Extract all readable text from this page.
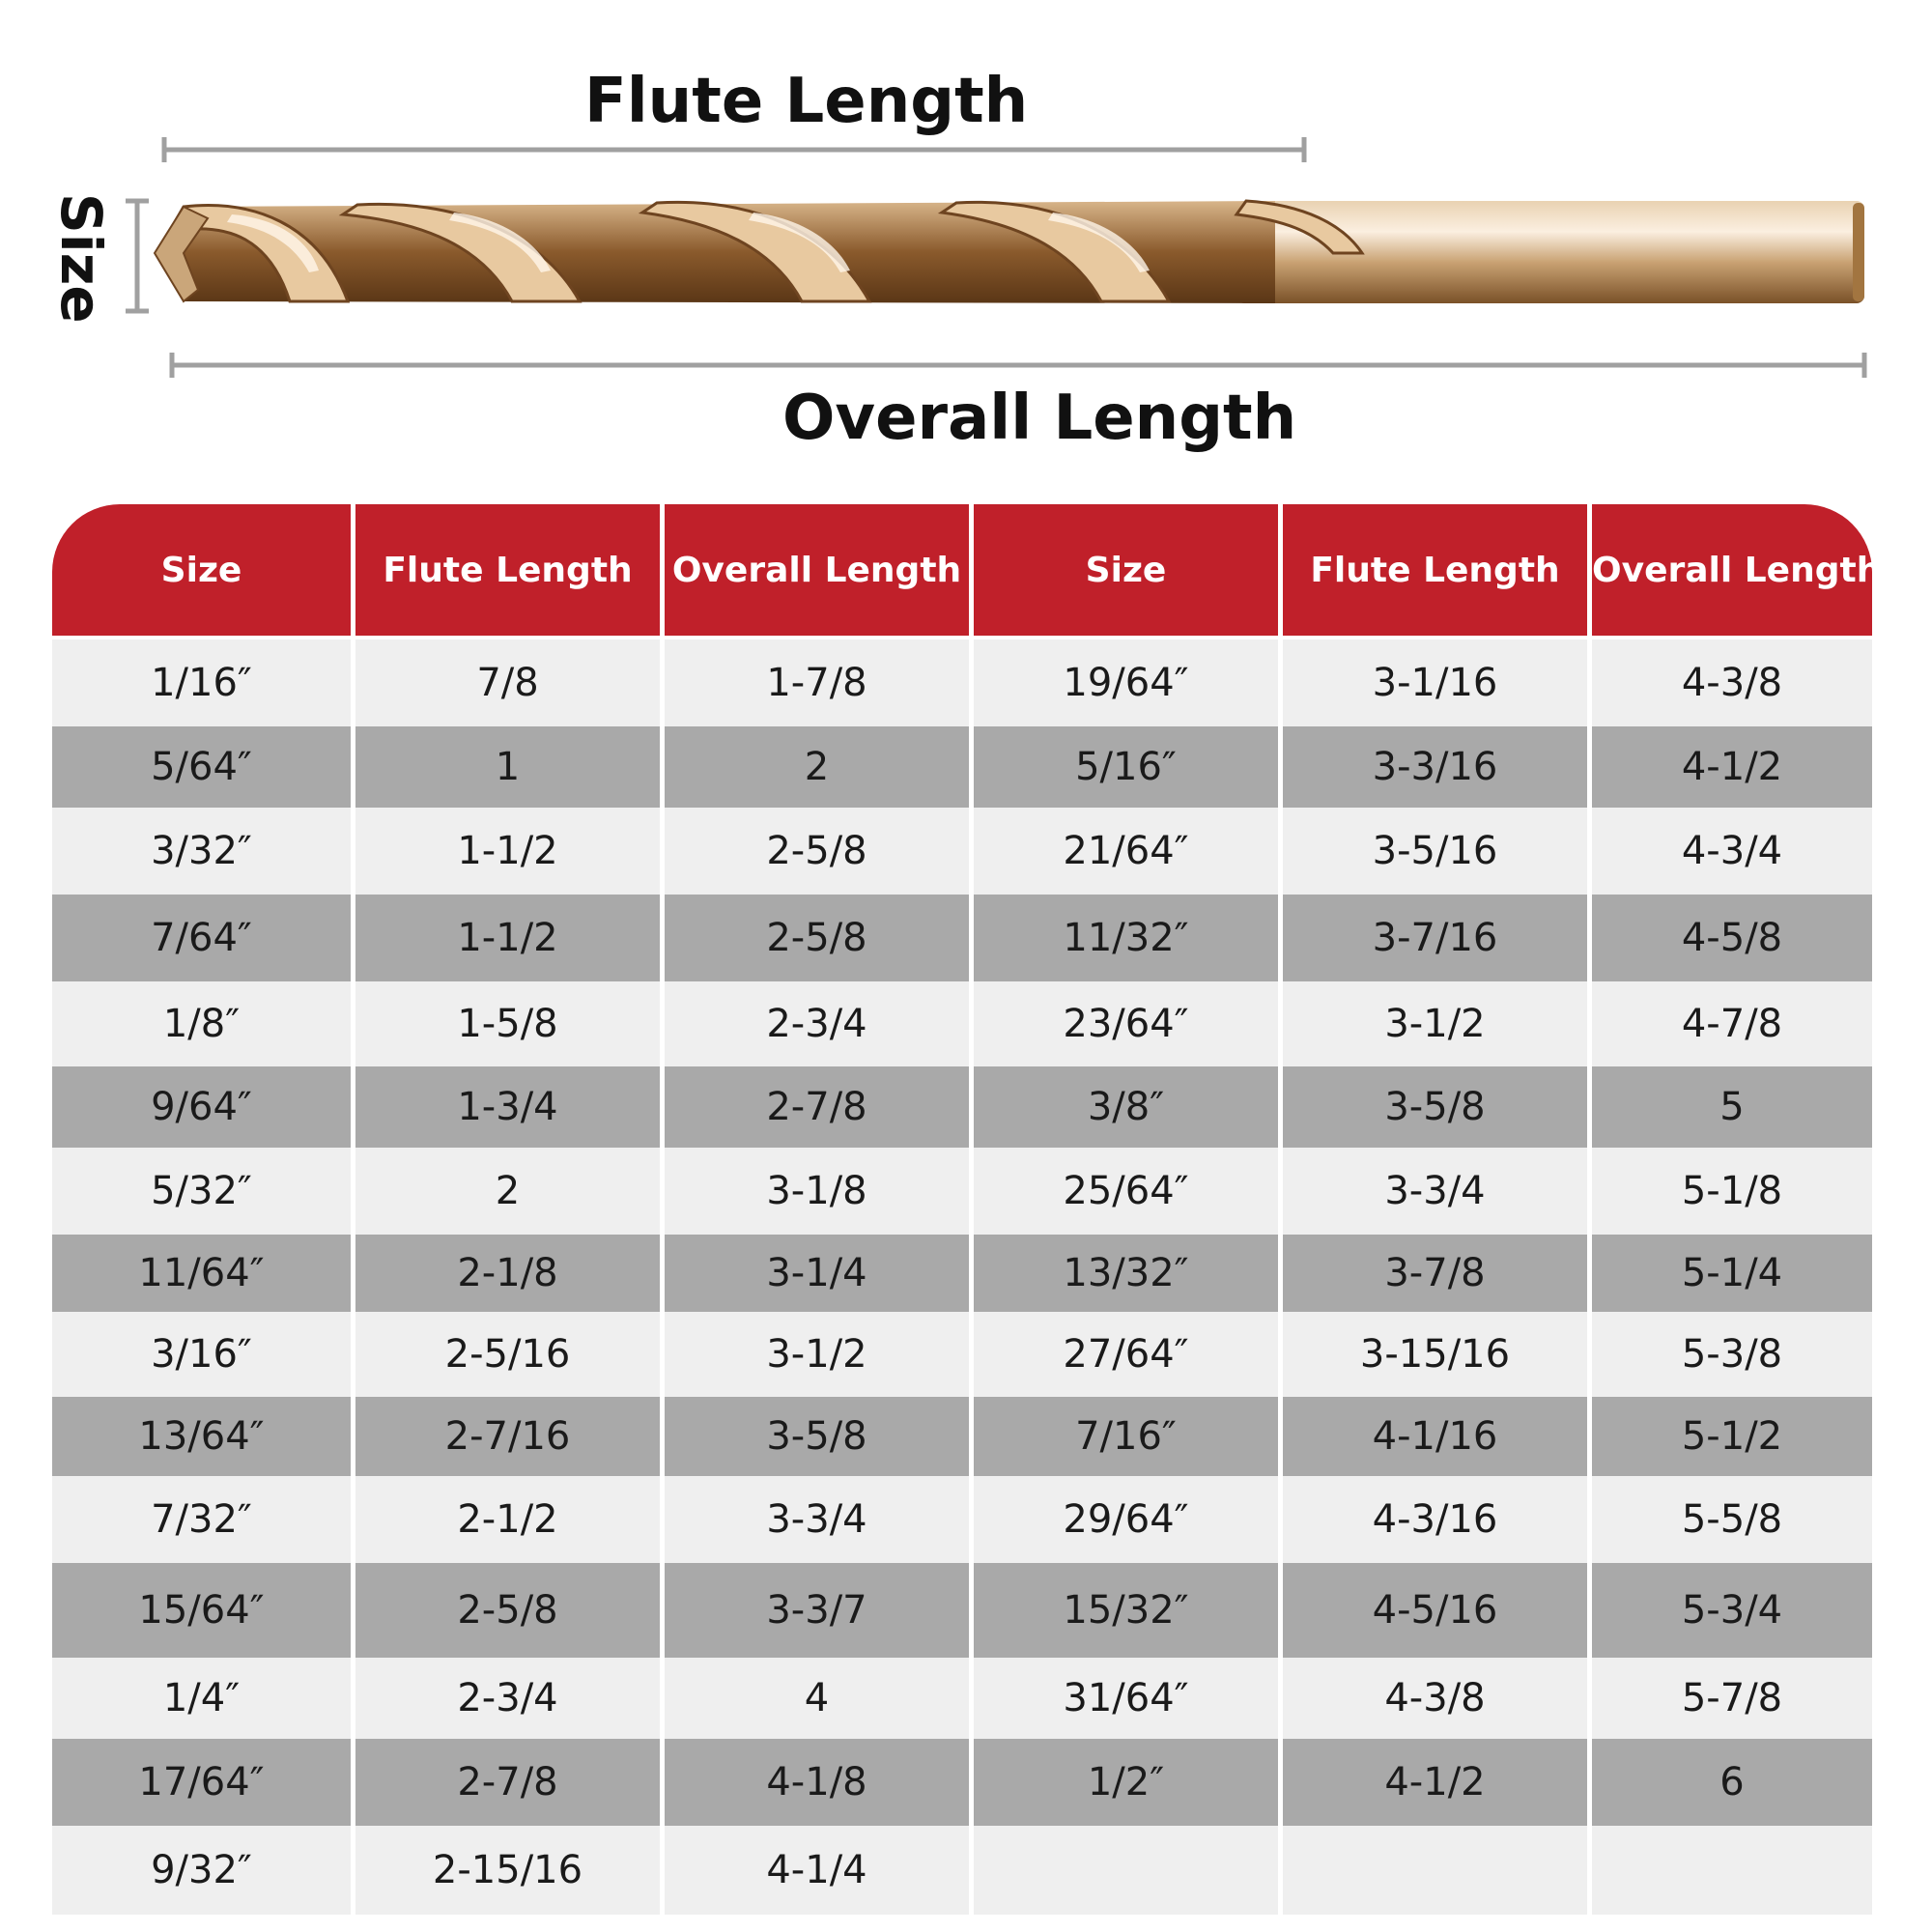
Flute Length
Size
Overall Length
Size	Flute Length	Overall Length	Size	Flute Length	Overall Length
1/16″	7/8	1-7/8	19/64″	3-1/16	4-3/8
5/64″	1	2	5/16″	3-3/16	4-1/2
3/32″	1-1/2	2-5/8	21/64″	3-5/16	4-3/4
7/64″	1-1/2	2-5/8	11/32″	3-7/16	4-5/8
1/8″	1-5/8	2-3/4	23/64″	3-1/2	4-7/8
9/64″	1-3/4	2-7/8	3/8″	3-5/8	5
5/32″	2	3-1/8	25/64″	3-3/4	5-1/8
11/64″	2-1/8	3-1/4	13/32″	3-7/8	5-1/4
3/16″	2-5/16	3-1/2	27/64″	3-15/16	5-3/8
13/64″	2-7/16	3-5/8	7/16″	4-1/16	5-1/2
7/32″	2-1/2	3-3/4	29/64″	4-3/16	5-5/8
15/64″	2-5/8	3-3/7	15/32″	4-5/16	5-3/4
1/4″	2-3/4	4	31/64″	4-3/8	5-7/8
17/64″	2-7/8	4-1/8	1/2″	4-1/2	6
9/32″	2-15/16	4-1/4			
